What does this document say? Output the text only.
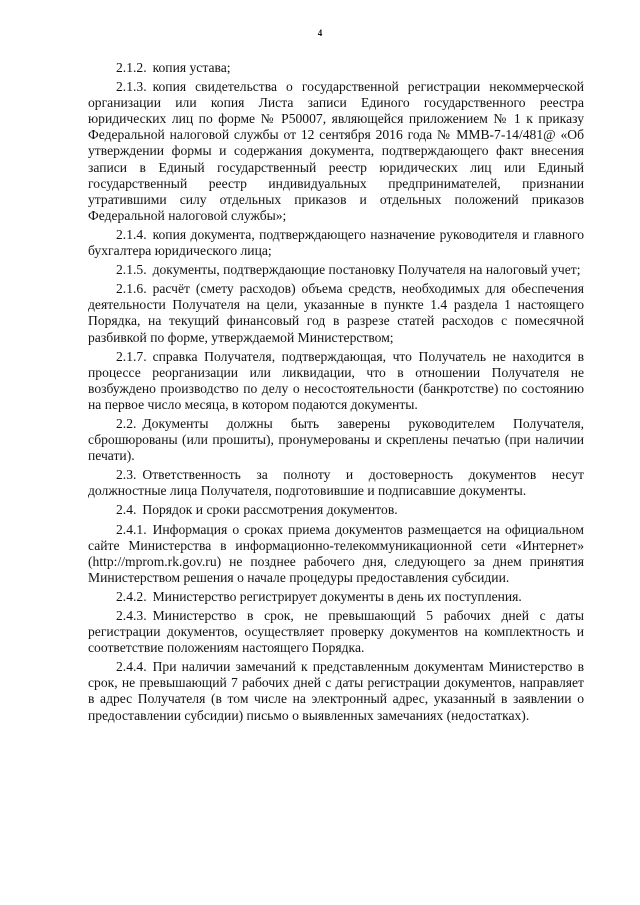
4

2.1.2. копия устава;

2.1.3. копия свидетельства о государственной регистрации некоммерческой организации или копия Листа записи Единого государственного реестра юридических лиц по форме № Р50007, являющейся приложением № 1 к приказу Федеральной налоговой службы от 12 сентября 2016 года № ММВ-7-14/481@ «Об утверждении формы и содержания документа, подтверждающего факт внесения записи в Единый государственный реестр юридических лиц или Единый государственный реестр индивидуальных предпринимателей, признании утратившими силу отдельных приказов и отдельных положений приказов Федеральной налоговой службы»;

2.1.4. копия документа, подтверждающего назначение руководителя и главного бухгалтера юридического лица;

2.1.5. документы, подтверждающие постановку Получателя на налоговый учет;

2.1.6. расчёт (смету расходов) объема средств, необходимых для обеспечения деятельности Получателя на цели, указанные в пункте 1.4 раздела 1 настоящего Порядка, на текущий финансовый год в разрезе статей расходов с помесячной разбивкой по форме, утверждаемой Министерством;

2.1.7. справка Получателя, подтверждающая, что Получатель не находится в процессе реорганизации или ликвидации, что в отношении Получателя не возбуждено производство по делу о несостоятельности (банкротстве) по состоянию на первое число месяца, в котором подаются документы.

2.2. Документы должны быть заверены руководителем Получателя, сброшюрованы (или прошиты), пронумерованы и скреплены печатью (при наличии печати).

2.3. Ответственность за полноту и достоверность документов несут должностные лица Получателя, подготовившие и подписавшие документы.

2.4. Порядок и сроки рассмотрения документов.

2.4.1. Информация о сроках приема документов размещается на официальном сайте Министерства в информационно-телекоммуникационной сети «Интернет» (http://mprom.rk.gov.ru) не позднее рабочего дня, следующего за днем принятия Министерством решения о начале процедуры предоставления субсидии.

2.4.2. Министерство регистрирует документы в день их поступления.

2.4.3. Министерство в срок, не превышающий 5 рабочих дней с даты регистрации документов, осуществляет проверку документов на комплектность и соответствие положениям настоящего Порядка.

2.4.4. При наличии замечаний к представленным документам Министерство в срок, не превышающий 7 рабочих дней с даты регистрации документов, направляет в адрес Получателя (в том числе на электронный адрес, указанный в заявлении о предоставлении субсидии) письмо о выявленных замечаниях (недостатках).
